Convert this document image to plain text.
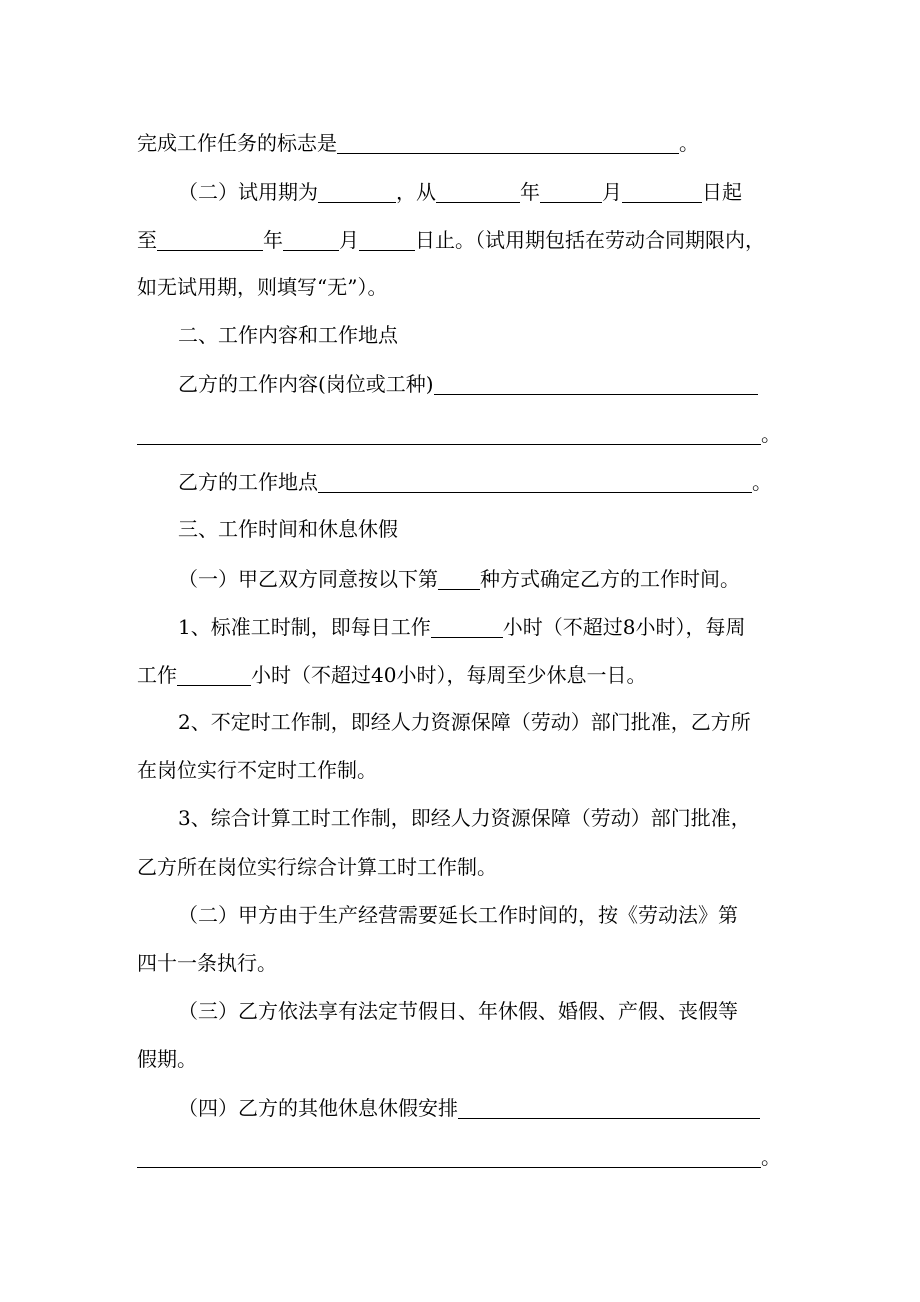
完成工作任务的标志是	。
（二）试用期为	，从	年	月	日起
至	年	月	日止。（试用期包括在劳动合同期限内，
如无试用期，则填写“无”）。
二、工作内容和工作地点
乙方的工作内容(岗位或工种)
。
乙方的工作地点	。
三、工作时间和休息休假
（一）甲乙双方同意按以下第 种方式确定乙方的工作时间。
1、标准工时制，即每日工作	小时（不超过8小时），每周
工作	小时（不超过40小时），每周至少休息一日。
2、不定时工作制，即经人力资源保障（劳动）部门批准，乙方所
在岗位实行不定时工作制。
3、综合计算工时工作制，即经人力资源保障（劳动）部门批准，
乙方所在岗位实行综合计算工时工作制。
（二）甲方由于生产经营需要延长工作时间的，按《劳动法》第
四十一条执行。
（三）乙方依法享有法定节假日、年休假、婚假、产假、丧假等
假期。
（四）乙方的其他休息休假安排
。
